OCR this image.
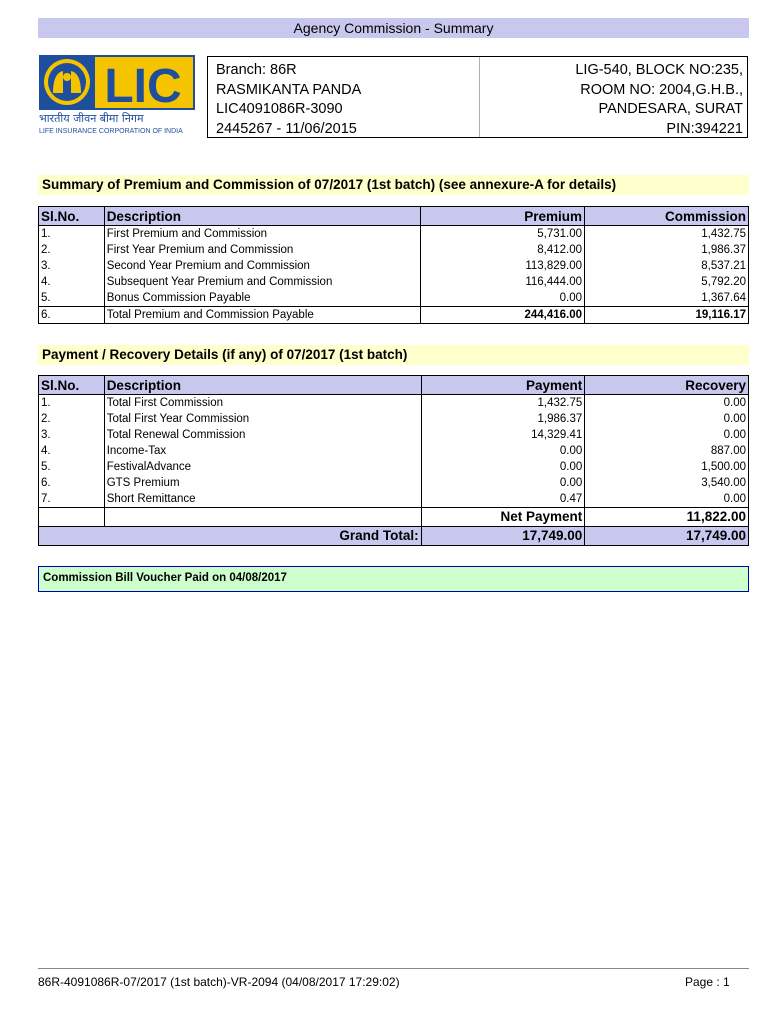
Agency Commission - Summary
LIC
भारतीय जीवन बीमा निगम
LIFE INSURANCE CORPORATION OF INDIA
Branch: 86R
RASMIKANTA PANDA
LIC4091086R-3090
2445267 - 11/06/2015
LIG-540, BLOCK NO:235,
ROOM NO: 2004,G.H.B.,
PANDESARA, SURAT
PIN:394221
Summary of Premium and Commission of 07/2017 (1st batch) (see annexure-A for details)
Sl.No.	Description	Premium	Commission
1.	First Premium and Commission	5,731.00	1,432.75
2.	First Year Premium and Commission	8,412.00	1,986.37
3.	Second Year Premium and Commission	113,829.00	8,537.21
4.	Subsequent Year Premium and Commission	116,444.00	5,792.20
5.	Bonus Commission Payable	0.00	1,367.64
6.	Total Premium and Commission Payable	244,416.00	19,116.17
Payment / Recovery Details (if any) of 07/2017 (1st batch)
Sl.No.	Description	Payment	Recovery
1.	Total First Commission	1,432.75	0.00
2.	Total First Year Commission	1,986.37	0.00
3.	Total Renewal Commission	14,329.41	0.00
4.	Income-Tax	0.00	887.00
5.	FestivalAdvance	0.00	1,500.00
6.	GTS Premium	0.00	3,540.00
7.	Short Remittance	0.47	0.00
		Net Payment	11,822.00
	Grand Total:	17,749.00	17,749.00
Commission Bill Voucher Paid on 04/08/2017
86R-4091086R-07/2017 (1st batch)-VR-2094 (04/08/2017 17:29:02)	Page : 1
